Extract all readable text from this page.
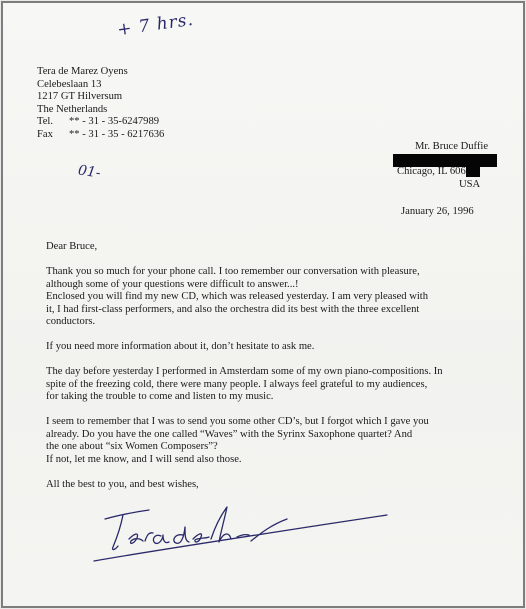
+ 7 hrs.
Tera de Marez Oyens
Celebeslaan 13
1217 GT Hilversum
The Netherlands
Tel. ** - 31 - 35-6247989
Fax ** - 31 - 35 - 6217636
01-
Mr. Bruce Duffie
Chicago, IL 606
USA
January 26, 1996

Dear Bruce,

Thank you so much for your phone call. I too remember our conversation with pleasure,

although some of your questions were difficult to answer...!

Enclosed you will find my new CD, which was released yesterday. I am very pleased with

it, I had first-class performers, and also the orchestra did its best with the three excellent

conductors.

If you need more information about it, don’t hesitate to ask me.

The day before yesterday I performed in Amsterdam some of my own piano-compositions. In

spite of the freezing cold, there were many people. I always feel grateful to my audiences,

for taking the trouble to come and listen to my music.

I seem to remember that I was to send you some other CD’s, but I forgot which I gave you

already. Do you have the one called “Waves” with the Syrinx Saxophone quartet? And

the one about “six Women Composers”?

If not, let me know, and I will send also those.

All the best to you, and best wishes,
